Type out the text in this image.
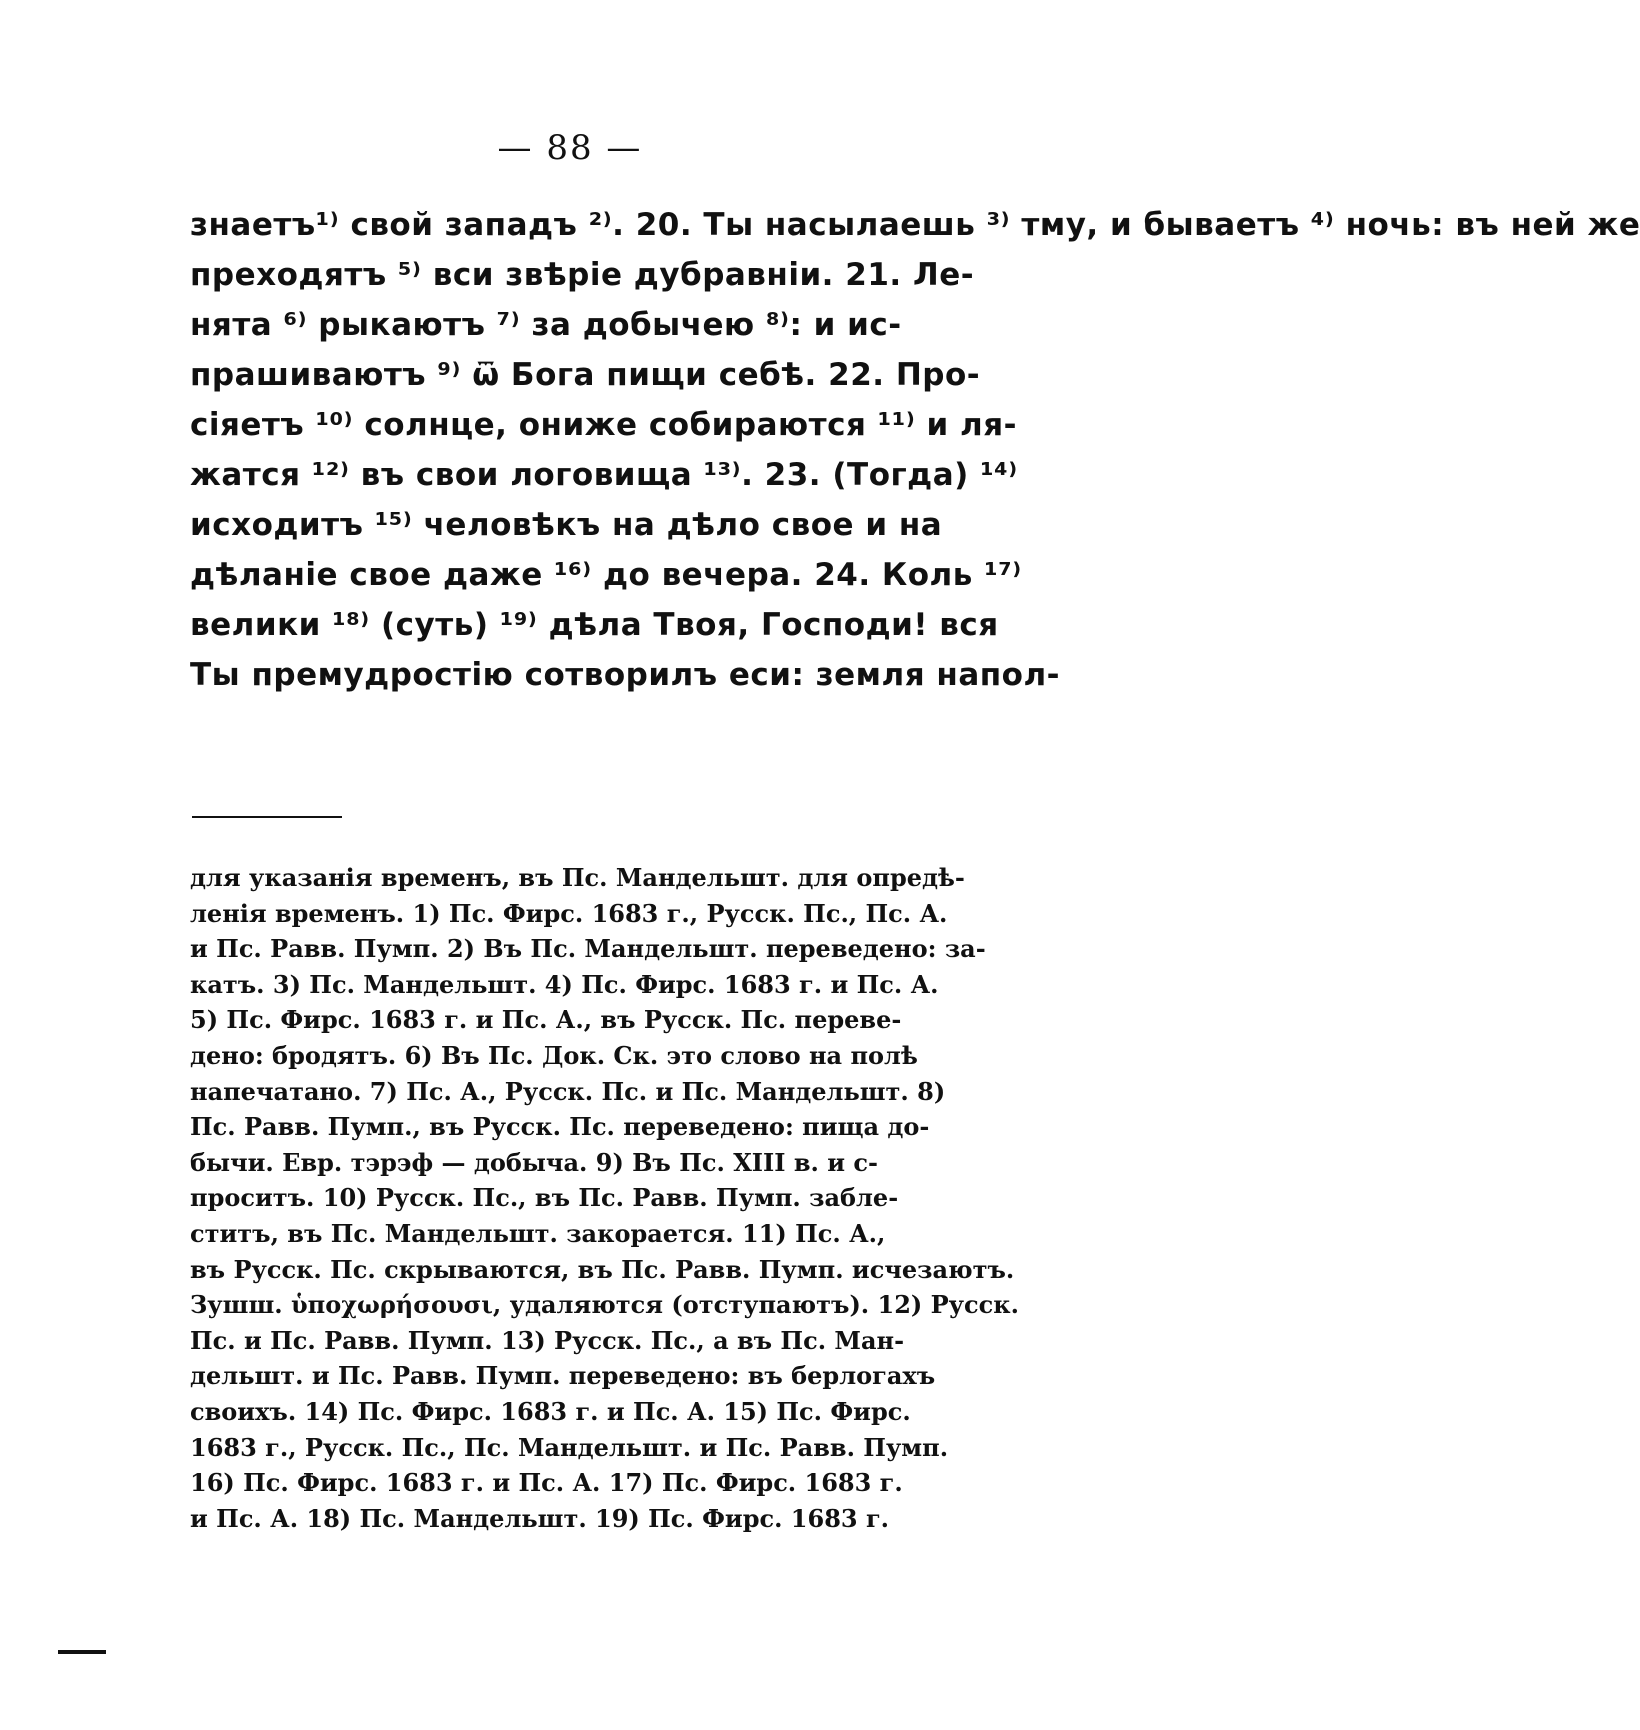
— 88 —
знаетъ¹⁾ свой западъ ²⁾. 20. Ты насылаешь ³⁾ тму, и бываетъ ⁴⁾ ночь: въ ней же
преходятъ ⁵⁾ вси звѣріе дубравніи. 21. Ле-
нята ⁶⁾ рыкаютъ ⁷⁾ за добычею ⁸⁾: и ис-
прашиваютъ ⁹⁾ ѿ Бога пищи себѣ. 22. Про-
сіяетъ ¹⁰⁾ солнце, ониже собираются ¹¹⁾ и ля-
жатся ¹²⁾ въ свои логовища ¹³⁾. 23. (Тогда) ¹⁴⁾
исходитъ ¹⁵⁾ человѣкъ на дѣло свое и на
дѣланіе свое даже ¹⁶⁾ до вечера. 24. Коль ¹⁷⁾
велики ¹⁸⁾ (суть) ¹⁹⁾ дѣла Твоя, Господи! вся
Ты премудростію сотворилъ еси: земля напол-
для указанія временъ, въ Пс. Мандельшт. для опредѣ-
ленія временъ. 1) Пс. Фирс. 1683 г., Русск. Пс., Пс. А.
и Пс. Равв. Пумп. 2) Въ Пс. Мандельшт. переведено: за-
катъ. 3) Пс. Мандельшт. 4) Пс. Фирс. 1683 г. и Пс. А.
5) Пс. Фирс. 1683 г. и Пс. А., въ Русск. Пс. переве-
дено: бродятъ. 6) Въ Пс. Док. Ск. это слово на полѣ
напечатано. 7) Пс. А., Русск. Пс. и Пс. Мандельшт. 8)
Пс. Равв. Пумп., въ Русск. Пс. переведено: пища до-
бычи. Евр. тэрэф — добыча. 9) Въ Пс. XIII в. и с-
проситъ. 10) Русск. Пс., въ Пс. Равв. Пумп. забле-
ститъ, въ Пс. Мандельшт. закорается. 11) Пс. А.,
въ Русск. Пс. скрываются, въ Пс. Равв. Пумп. исчезаютъ.
Зушш. ὑποχωρήσουσι, удаляются (отступаютъ). 12) Русск.
Пс. и Пс. Равв. Пумп. 13) Русск. Пс., а въ Пс. Ман-
дельшт. и Пс. Равв. Пумп. переведено: въ берлогахъ
своихъ. 14) Пс. Фирс. 1683 г. и Пс. А. 15) Пс. Фирс.
1683 г., Русск. Пс., Пс. Мандельшт. и Пс. Равв. Пумп.
16) Пс. Фирс. 1683 г. и Пс. А. 17) Пс. Фирс. 1683 г.
и Пс. А. 18) Пс. Мандельшт. 19) Пс. Фирс. 1683 г.
